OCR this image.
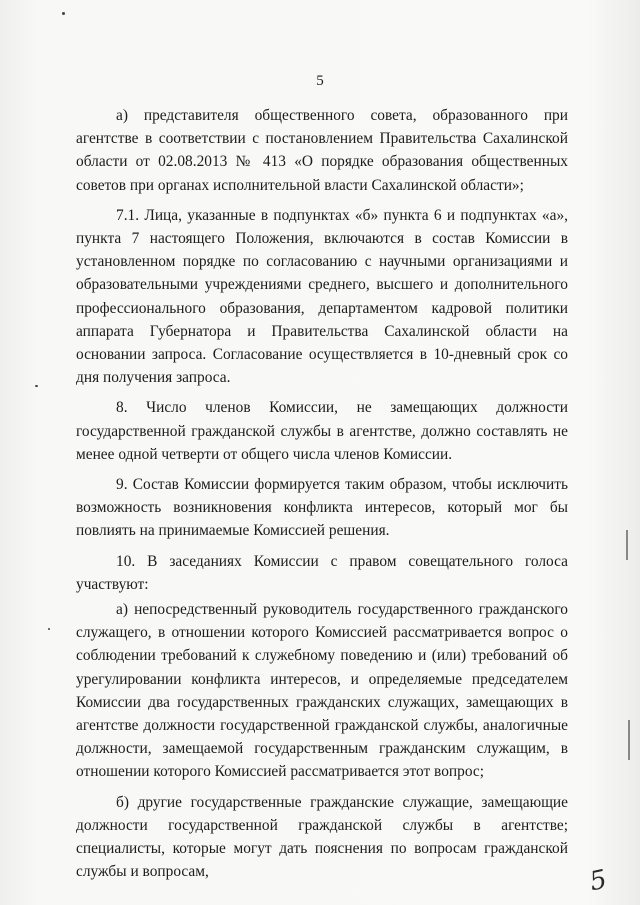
5

а) представителя общественного совета, образованного при агентстве в соответствии с постановлением Правительства Сахалинской области от 02.08.2013 № 413 «О порядке образования общественных советов при органах исполнительной власти Сахалинской области»;

7.1. Лица, указанные в подпунктах «б» пункта 6 и подпунктах «а», пункта 7 настоящего Положения, включаются в состав Комиссии в установленном порядке по согласованию с научными организациями и образовательными учреждениями среднего, высшего и дополнительного профессионального образования, департаментом кадровой политики аппарата Губернатора и Правительства Сахалинской области на основании запроса. Согласование осуществляется в 10-дневный срок со дня получения запроса.

8. Число членов Комиссии, не замещающих должности государственной гражданской службы в агентстве, должно составлять не менее одной четверти от общего числа членов Комиссии.

9. Состав Комиссии формируется таким образом, чтобы исключить возможность возникновения конфликта интересов, который мог бы повлиять на принимаемые Комиссией решения.

10. В заседаниях Комиссии с правом совещательного голоса участвуют:

а) непосредственный руководитель государственного гражданского служащего, в отношении которого Комиссией рассматривается вопрос о соблюдении требований к служебному поведению и (или) требований об урегулировании конфликта интересов, и определяемые председателем Комиссии два государственных гражданских служащих, замещающих в агентстве должности государственной гражданской службы, аналогичные должности, замещаемой государственным гражданским служащим, в отношении которого Комиссией рассматривается этот вопрос;

б) другие государственные гражданские служащие, замещающие должности государственной гражданской службы в агентстве; специалисты, которые могут дать пояснения по вопросам гражданской службы и вопросам,	5
